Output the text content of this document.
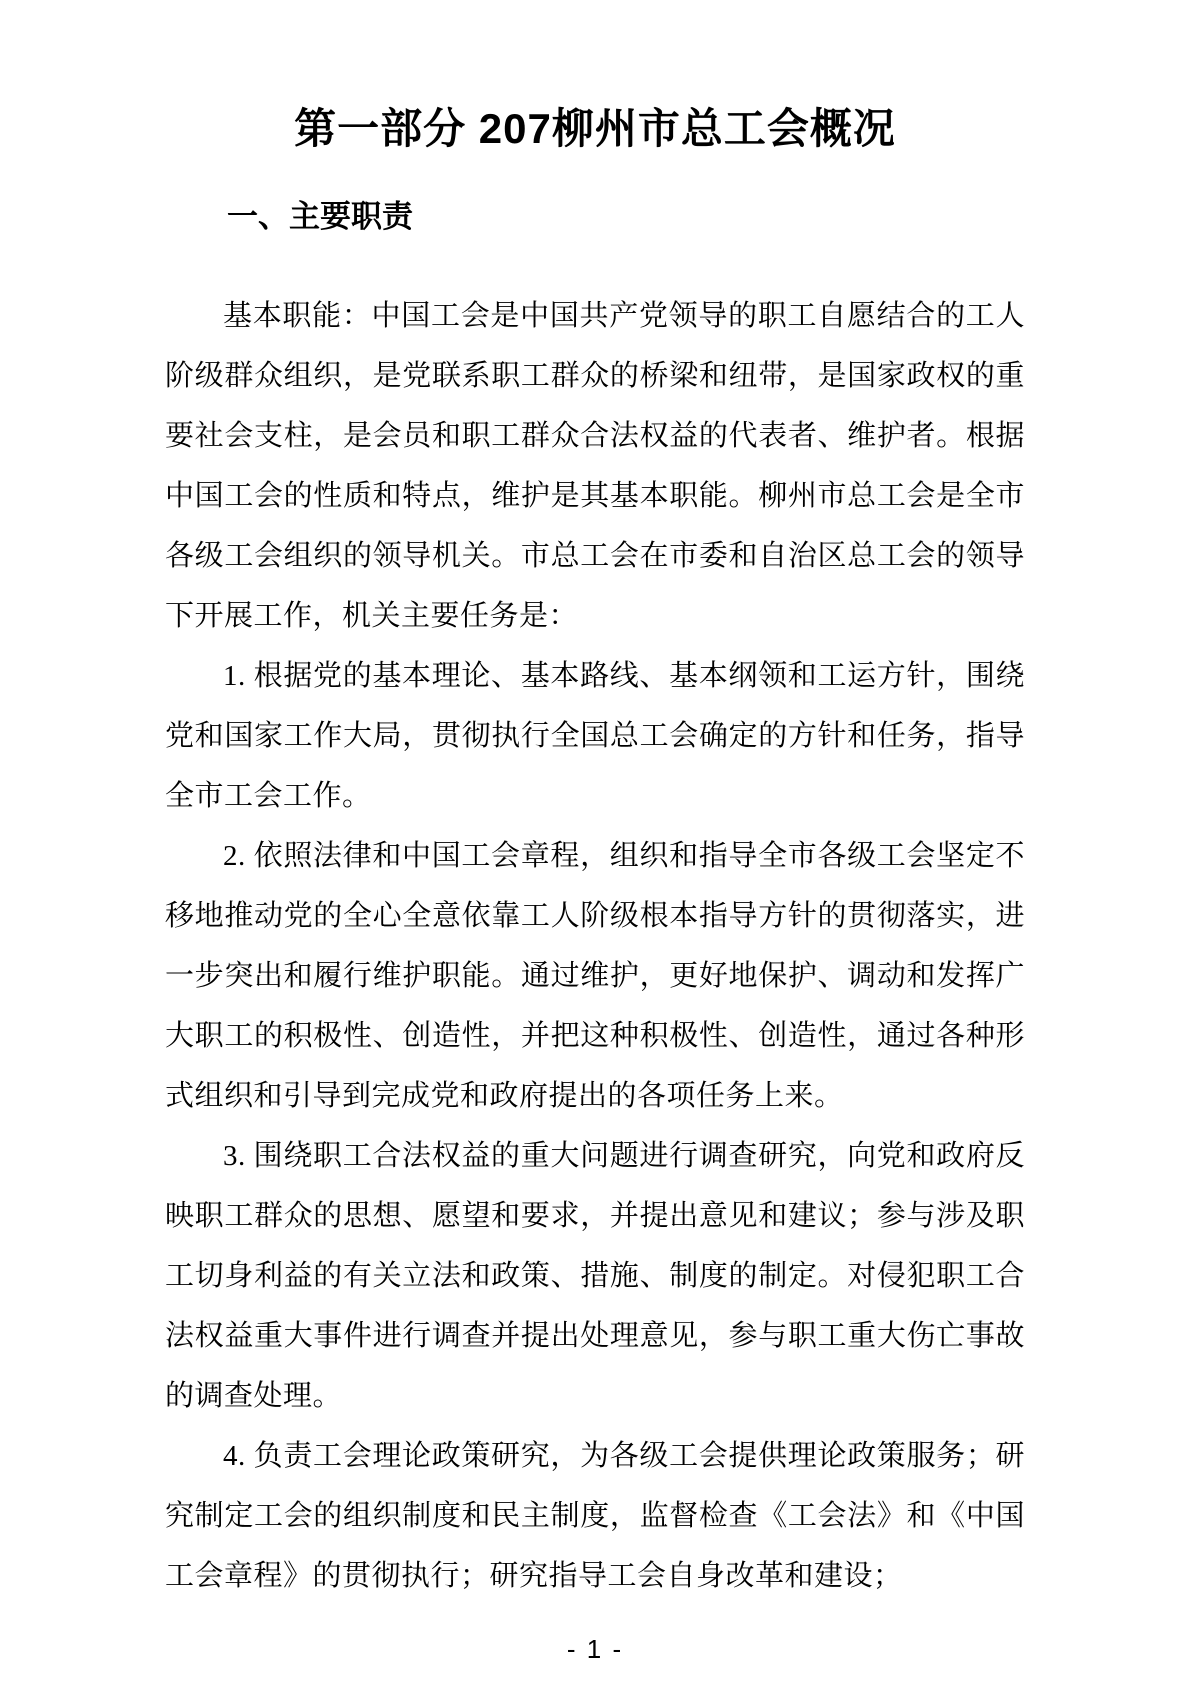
第一部分 207柳州市总工会概况
一、主要职责

基本职能：中国工会是中国共产党领导的职工自愿结合的工人阶级群众组织，是党联系职工群众的桥梁和纽带，是国家政权的重要社会支柱，是会员和职工群众合法权益的代表者、维护者。根据中国工会的性质和特点，维护是其基本职能。柳州市总工会是全市各级工会组织的领导机关。市总工会在市委和自治区总工会的领导下开展工作，机关主要任务是：

1. 根据党的基本理论、基本路线、基本纲领和工运方针，围绕党和国家工作大局，贯彻执行全国总工会确定的方针和任务，指导全市工会工作。

2. 依照法律和中国工会章程，组织和指导全市各级工会坚定不移地推动党的全心全意依靠工人阶级根本指导方针的贯彻落实，进一步突出和履行维护职能。通过维护，更好地保护、调动和发挥广大职工的积极性、创造性，并把这种积极性、创造性，通过各种形式组织和引导到完成党和政府提出的各项任务上来。

3. 围绕职工合法权益的重大问题进行调查研究，向党和政府反映职工群众的思想、愿望和要求，并提出意见和建议；参与涉及职工切身利益的有关立法和政策、措施、制度的制定。对侵犯职工合法权益重大事件进行调查并提出处理意见，参与职工重大伤亡事故的调查处理。

4. 负责工会理论政策研究，为各级工会提供理论政策服务；研究制定工会的组织制度和民主制度，监督检查《工会法》和《中国工会章程》的贯彻执行；研究指导工会自身改革和建设；

- 1 -
